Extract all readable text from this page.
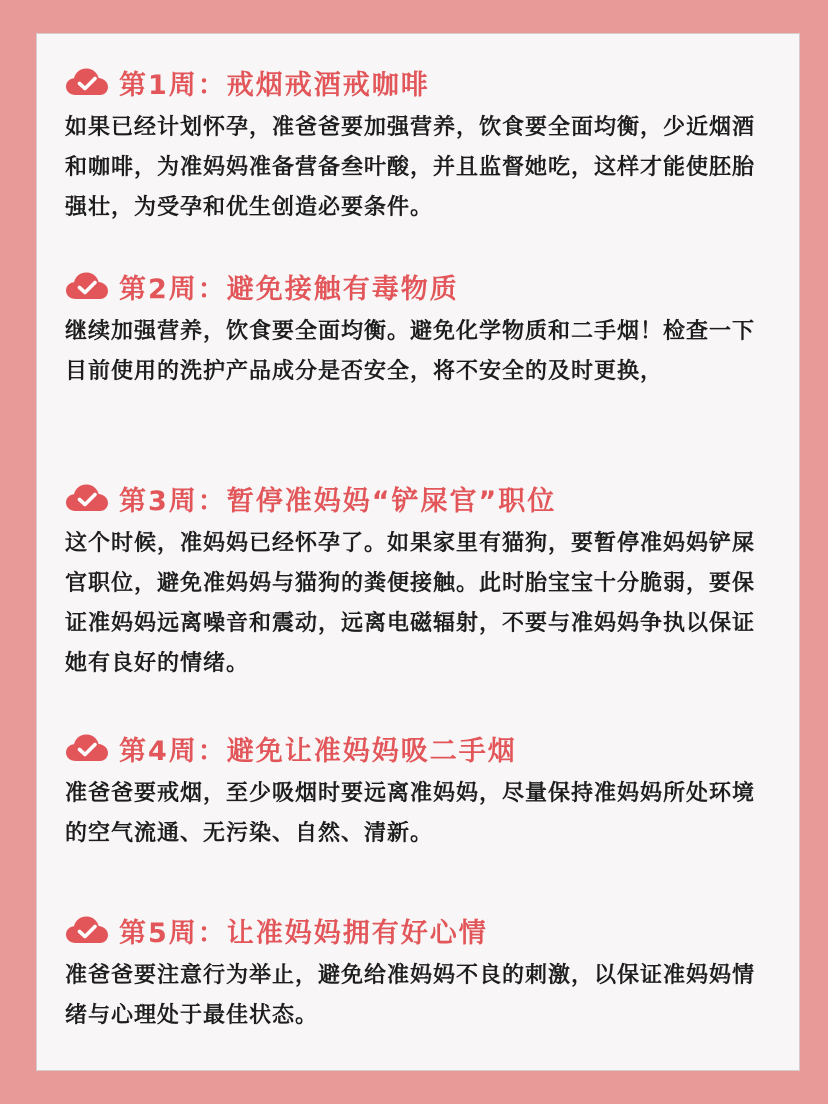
第1周：戒烟戒酒戒咖啡

如果已经计划怀孕，准爸爸要加强营养，饮食要全面均衡，少近烟酒和咖啡，为准妈妈准备营备叁叶酸，并且监督她吃，这样才能使胚胎强壮，为受孕和优生创造必要条件。

第2周：避免接触有毒物质

继续加强营养，饮食要全面均衡。避免化学物质和二手烟！检查一下目前使用的洗护产品成分是否安全，将不安全的及时更换，

第3周：暂停准妈妈“铲屎官”职位

这个时候，准妈妈已经怀孕了。如果家里有猫狗，要暂停准妈妈铲屎官职位，避免准妈妈与猫狗的粪便接触。此时胎宝宝十分脆弱，要保证准妈妈远离噪音和震动，远离电磁辐射，不要与准妈妈争执以保证她有良好的情绪。

第4周：避免让准妈妈吸二手烟

准爸爸要戒烟，至少吸烟时要远离准妈妈，尽量保持准妈妈所处环境的空气流通、无污染、自然、清新。

第5周：让准妈妈拥有好心情

准爸爸要注意行为举止，避免给准妈妈不良的刺激，以保证准妈妈情绪与心理处于最佳状态。
